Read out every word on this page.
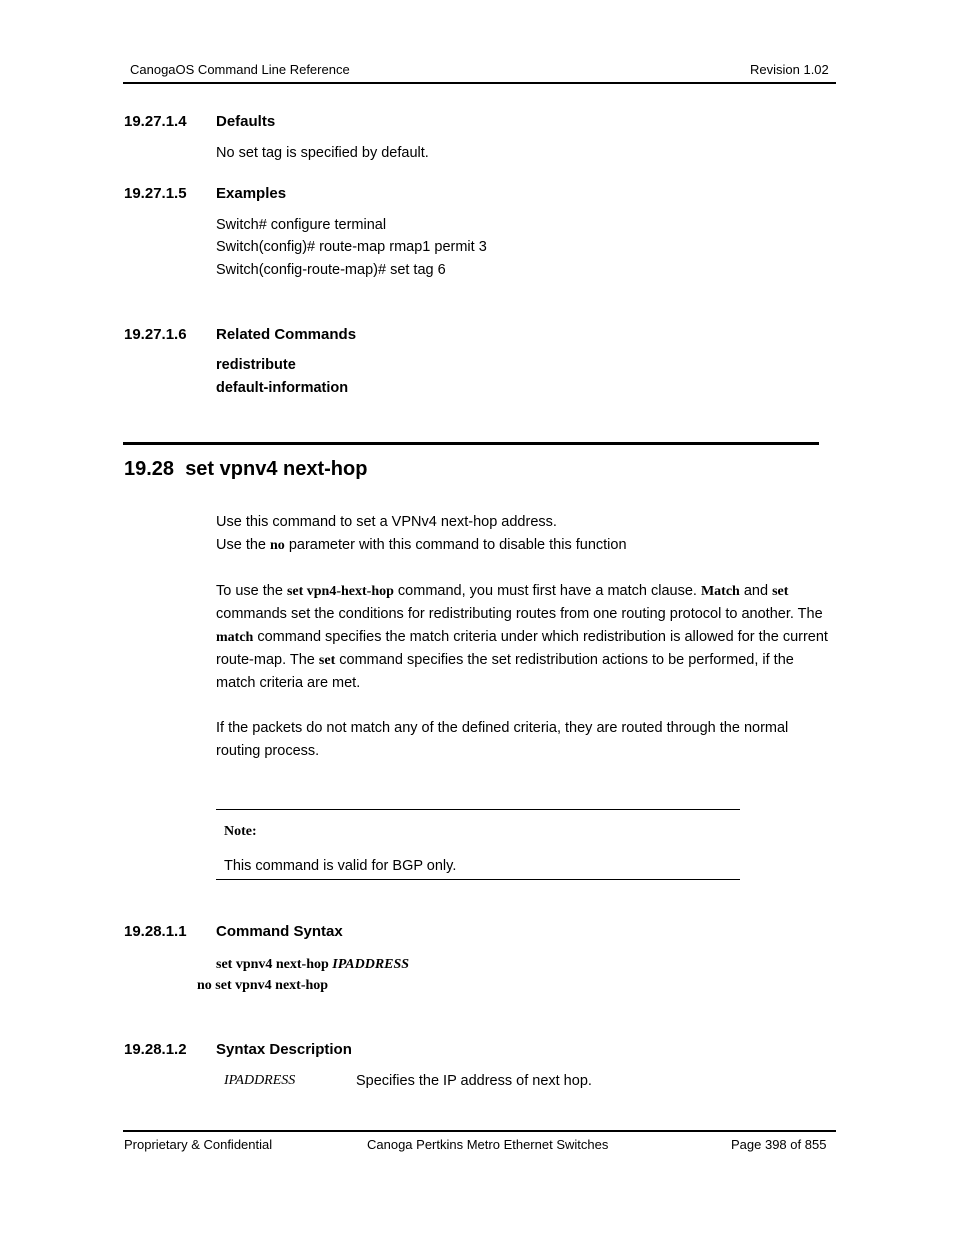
CanogaOS Command Line Reference	Revision 1.02
19.27.1.4 Defaults
No set tag is specified by default.
19.27.1.5 Examples
Switch# configure terminal
Switch(config)# route-map rmap1 permit 3
Switch(config-route-map)# set tag 6
19.27.1.6 Related Commands
redistribute
default-information
19.28 set vpnv4 next-hop
Use this command to set a VPNv4 next-hop address.
Use the no parameter with this command to disable this function
To use the set vpn4-hext-hop command, you must first have a match clause. Match and set commands set the conditions for redistributing routes from one routing protocol to another. The match command specifies the match criteria under which redistribution is allowed for the current route-map. The set command specifies the set redistribution actions to be performed, if the match criteria are met.
If the packets do not match any of the defined criteria, they are routed through the normal routing process.
Note:
This command is valid for BGP only.
19.28.1.1 Command Syntax
set vpnv4 next-hop IPADDRESS
no set vpnv4 next-hop
19.28.1.2 Syntax Description
IPADDRESS	Specifies the IP address of next hop.
Proprietary & Confidential	Canoga Pertkins Metro Ethernet Switches	Page 398 of 855
